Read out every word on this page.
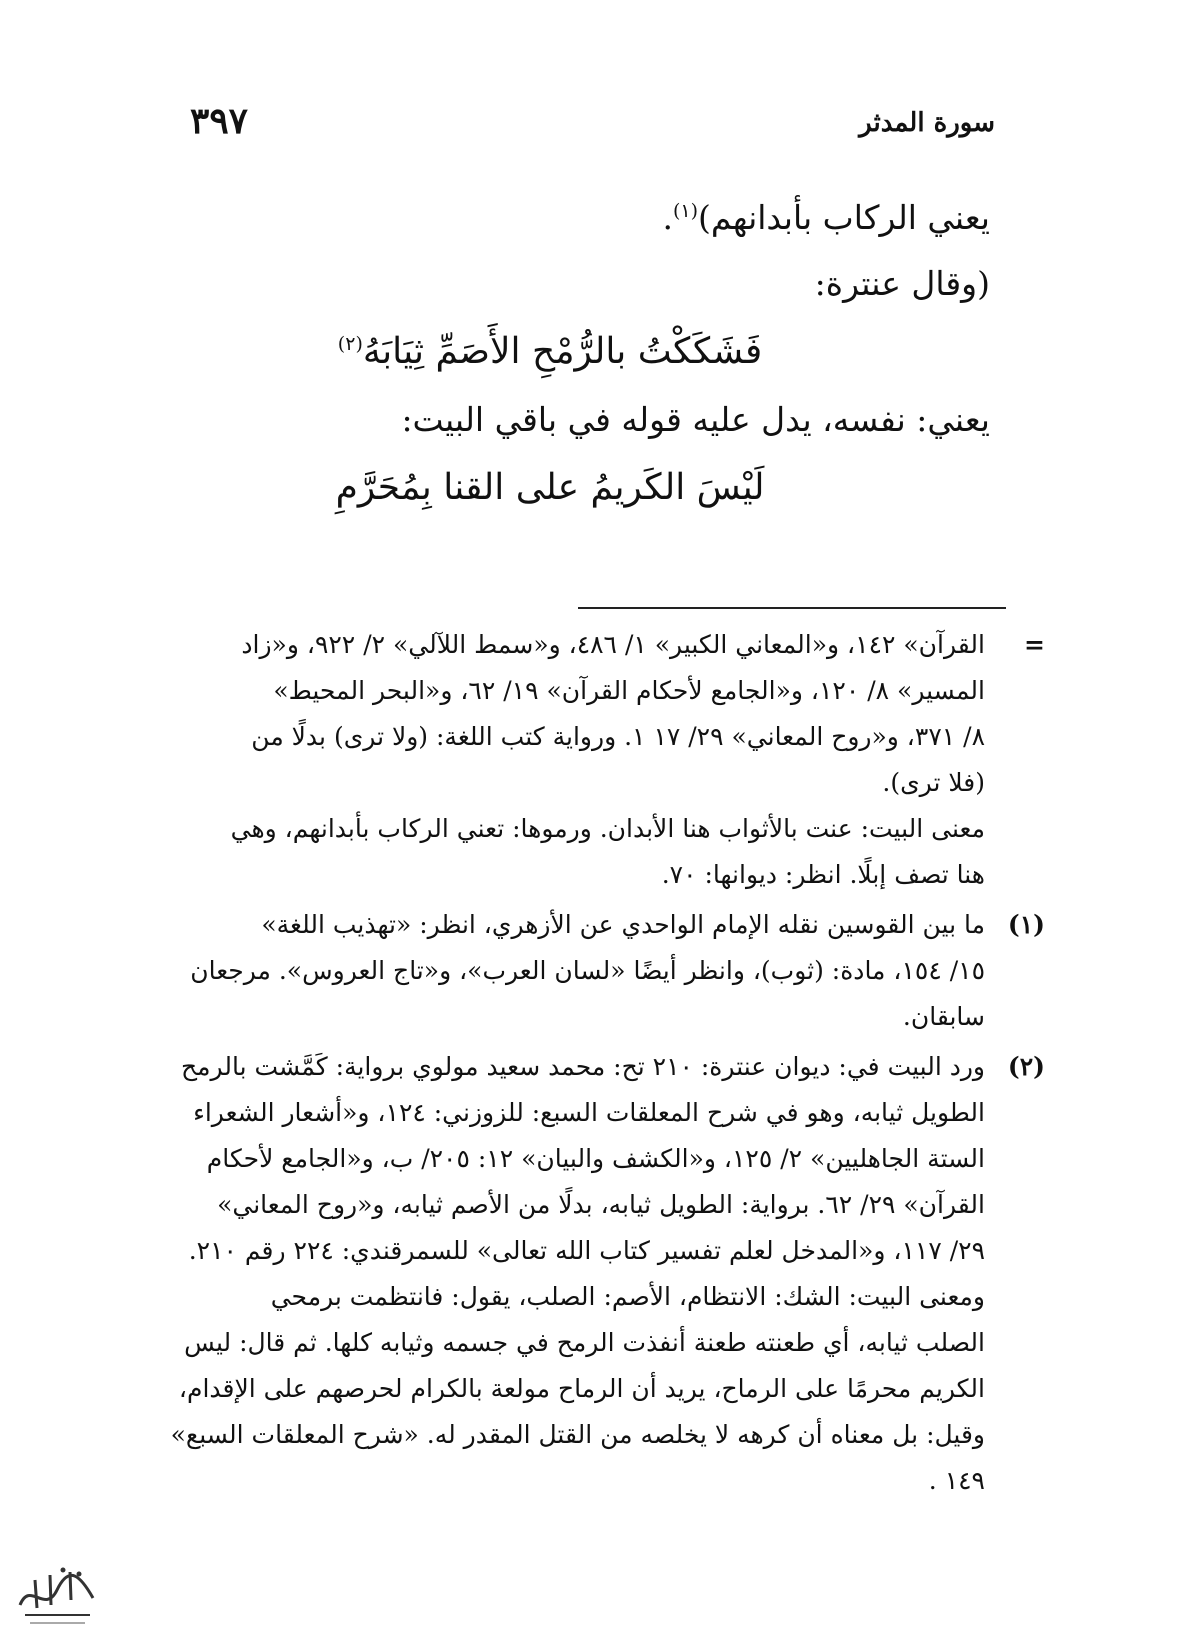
سورة المدثر
٣٩٧
يعني الركاب بأبدانهم)$^{(١)}$.
(وقال عنترة:
فَشَكَكْتُ بالرُّمْحِ الأَصَمِّ ثِيَابَهُ$^{(٢)}$
يعني: نفسه، يدل عليه قوله في باقي البيت:
لَيْسَ الكَريمُ على القنا بِمُحَرَّمِ
=
القرآن» ١٤٢، و«المعاني الكبير» ١/ ٤٨٦، و«سمط اللآلي» ٢/ ٩٢٢، و«زاد
المسير» ٨/ ١٢٠، و«الجامع لأحكام القرآن» ١٩/ ٦٢، و«البحر المحيط»
٨/ ٣٧١، و«روح المعاني» ٢٩/ ١٧ ١. ورواية كتب اللغة: (ولا ترى) بدلًا من
(فلا ترى).
معنى البيت: عنت بالأثواب هنا الأبدان. ورموها: تعني الركاب بأبدانهم، وهي
هنا تصف إبلًا. انظر: ديوانها: ٧٠.
(١)
ما بين القوسين نقله الإمام الواحدي عن الأزهري، انظر: «تهذيب اللغة»
١٥/ ١٥٤، مادة: (ثوب)، وانظر أيضًا «لسان العرب»، و«تاج العروس». مرجعان
سابقان.
(٢)
ورد البيت في: ديوان عنترة: ٢١٠ تح: محمد سعيد مولوي برواية: كَمَّشت بالرمح
الطويل ثيابه، وهو في شرح المعلقات السبع: للزوزني: ١٢٤، و«أشعار الشعراء
الستة الجاهليين» ٢/ ١٢٥، و«الكشف والبيان» ١٢: ٢٠٥/ ب، و«الجامع لأحكام
القرآن» ٢٩/ ٦٢. برواية: الطويل ثيابه، بدلًا من الأصم ثيابه، و«روح المعاني»
٢٩/ ١١٧، و«المدخل لعلم تفسير كتاب الله تعالى» للسمرقندي: ٢٢٤ رقم ٢١٠.
ومعنى البيت: الشك: الانتظام، الأصم: الصلب، يقول: فانتظمت برمحي
الصلب ثيابه، أي طعنته طعنة أنفذت الرمح في جسمه وثيابه كلها. ثم قال: ليس
الكريم محرمًا على الرماح، يريد أن الرماح مولعة بالكرام لحرصهم على الإقدام،
وقيل: بل معناه أن كرهه لا يخلصه من القتل المقدر له. «شرح المعلقات السبع»
١٤٩ .
